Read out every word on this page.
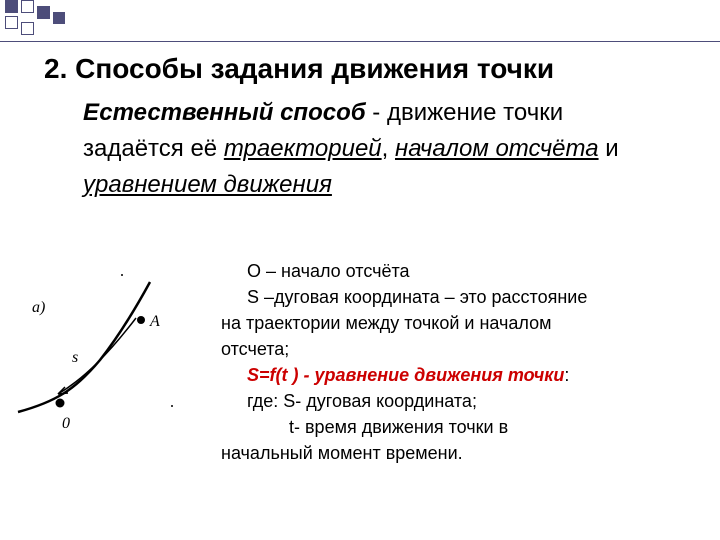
2. Способы задания движения точки
Естественный способ - движение точки задаётся её траекторией, началом отсчёта и уравнением движения
a)
s
A
0
О – начало отсчёта
S –дуговая координата – это расстояние
на траектории между точкой и началом
отсчета;
S=f(t ) - уравнение движения точки:
где: S- дуговая координата;
t- время движения точки в
начальный момент времени.
